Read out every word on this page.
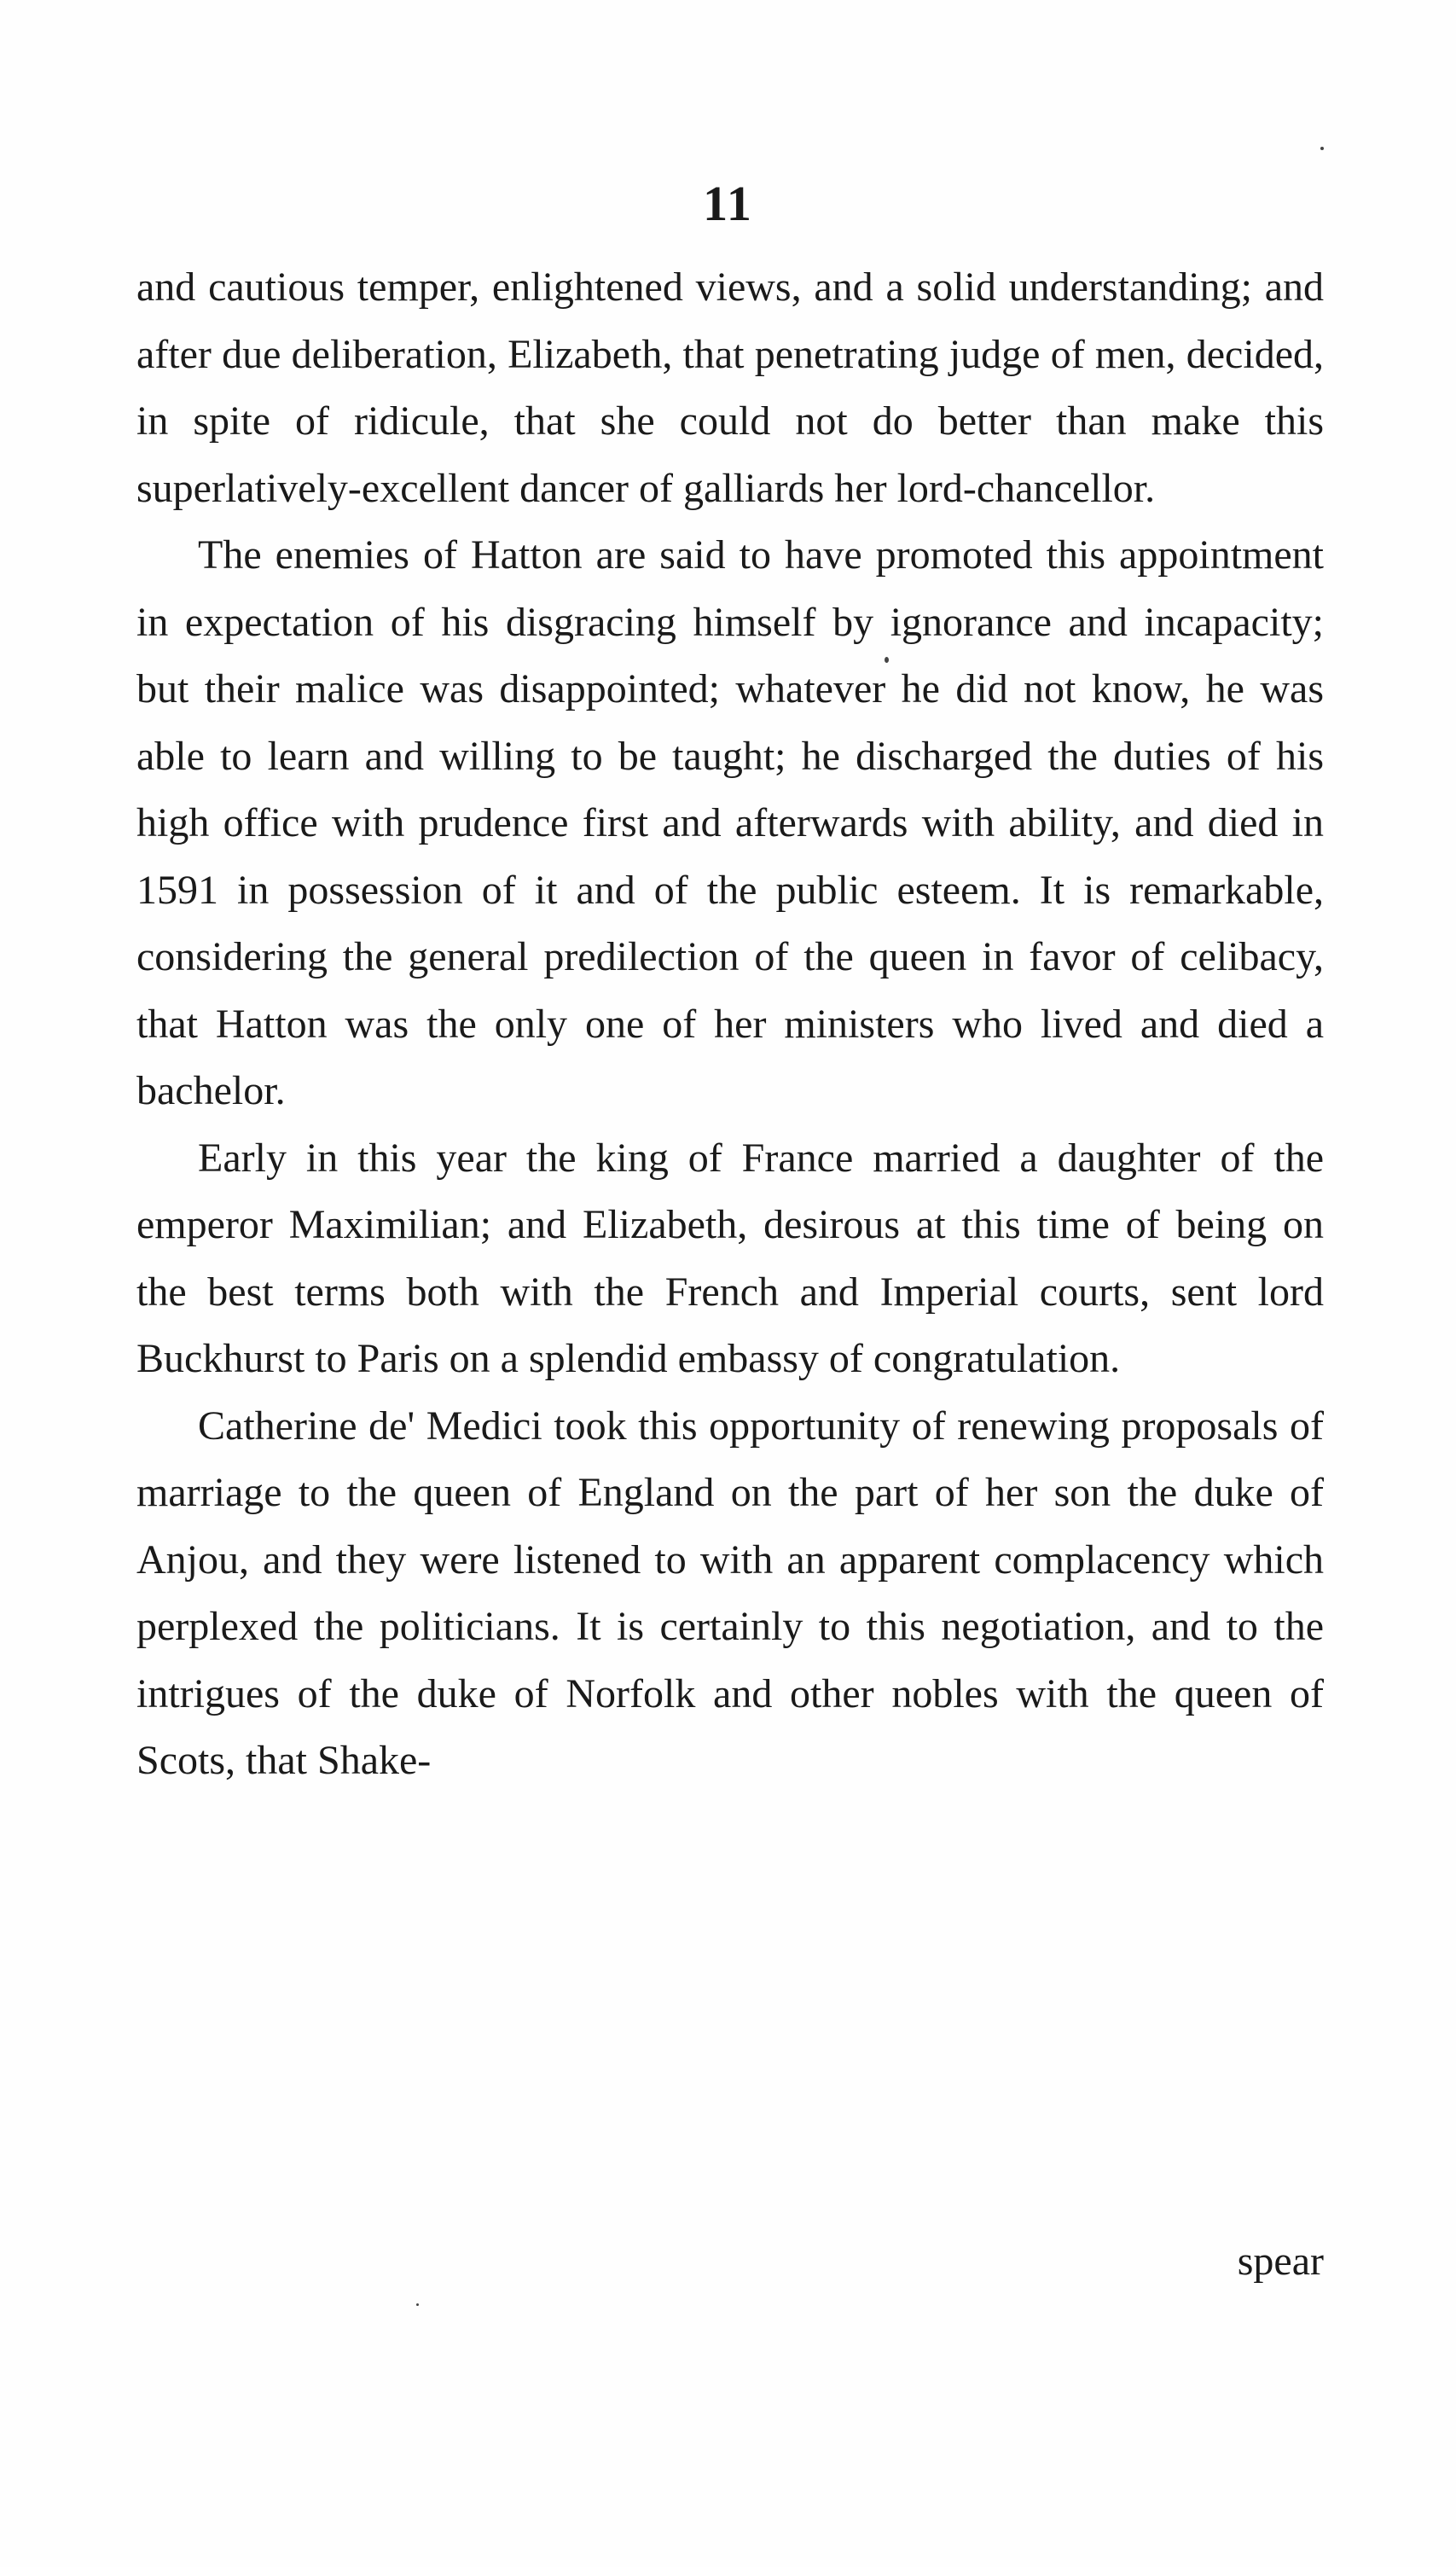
11

and cautious temper, enlightened views, and a solid understanding; and after due deliberation, Elizabeth, that penetrating judge of men, decided, in spite of ridicule, that she could not do better than make this superlatively-excellent dancer of galliards her lord-chancellor.

The enemies of Hatton are said to have promoted this appointment in expectation of his disgracing himself by ignorance and incapacity; but their malice was disappointed; whatever he did not know, he was able to learn and willing to be taught; he discharged the duties of his high office with prudence first and afterwards with ability, and died in 1591 in possession of it and of the public esteem. It is remarkable, considering the general predilection of the queen in favor of celibacy, that Hatton was the only one of her ministers who lived and died a bachelor.

Early in this year the king of France married a daughter of the emperor Maximilian; and Elizabeth, desirous at this time of being on the best terms both with the French and Imperial courts, sent lord Buckhurst to Paris on a splendid embassy of congratulation.

Catherine de' Medici took this opportunity of renewing proposals of marriage to the queen of England on the part of her son the duke of Anjou, and they were listened to with an apparent complacency which perplexed the politicians. It is certainly to this negotiation, and to the intrigues of the duke of Norfolk and other nobles with the queen of Scots, that Shake-

spear
